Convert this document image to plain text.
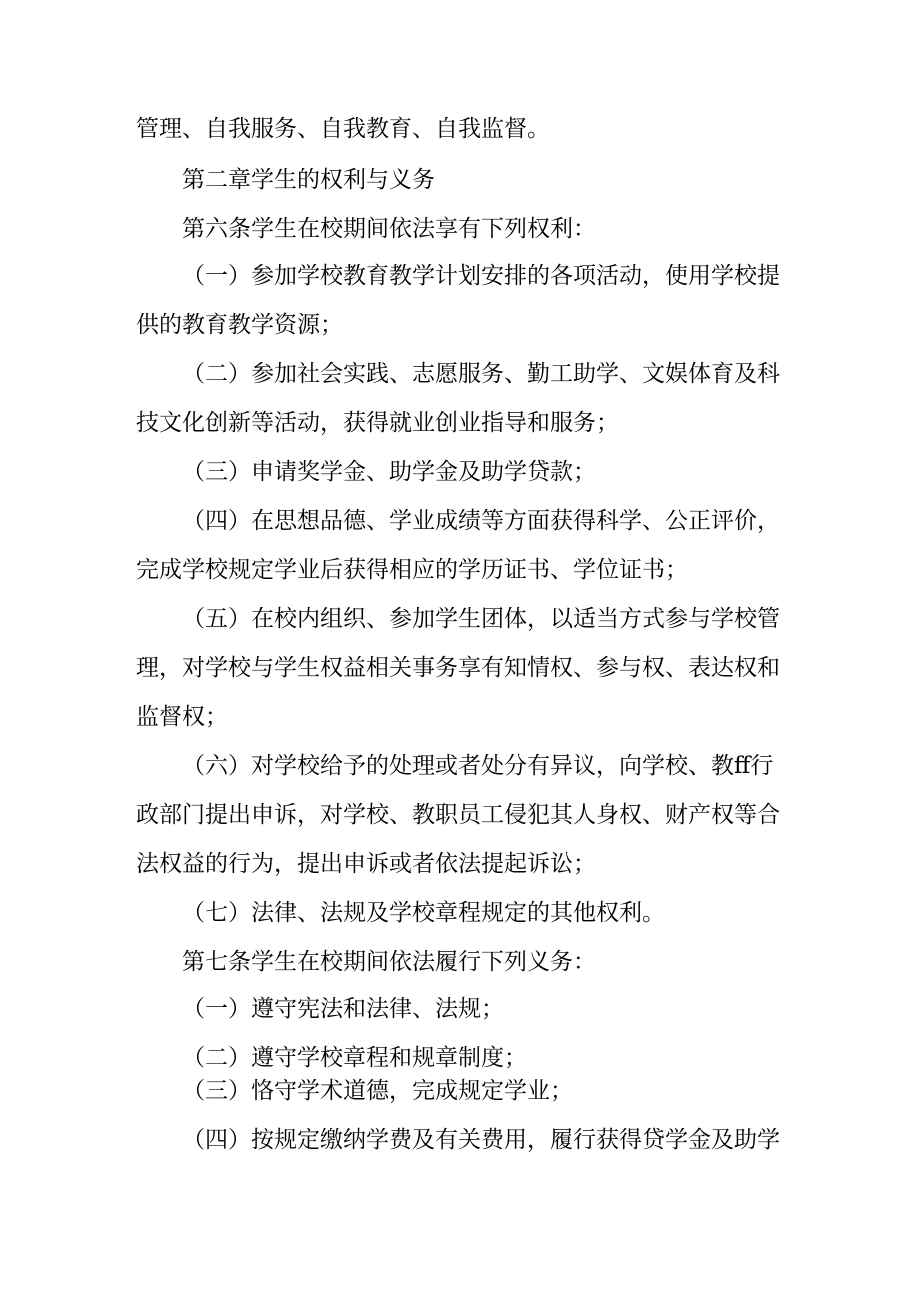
管理、自我服务、自我教育、自我监督。
第二章学生的权利与义务
第六条学生在校期间依法享有下列权利：
（一）参加学校教育教学计划安排的各项活动，使用学校提
供的教育教学资源；
（二）参加社会实践、志愿服务、勤工助学、文娱体育及科
技文化创新等活动，获得就业创业指导和服务；
（三）申请奖学金、助学金及助学贷款；
（四）在思想品德、学业成绩等方面获得科学、公正评价，
完成学校规定学业后获得相应的学历证书、学位证书；
（五）在校内组织、参加学生团体，以适当方式参与学校管
理，对学校与学生权益相关事务享有知情权、参与权、表达权和
监督权；
（六）对学校给予的处理或者处分有异议，向学校、教ff行
政部门提出申诉，对学校、教职员工侵犯其人身权、财产权等合
法权益的行为，提出申诉或者依法提起诉讼；
（七）法律、法规及学校章程规定的其他权利。
第七条学生在校期间依法履行下列义务：
（一）遵守宪法和法律、法规；
（二）遵守学校章程和规章制度；
（三）恪守学术道德，完成规定学业；
（四）按规定缴纳学费及有关费用，履行获得贷学金及助学
